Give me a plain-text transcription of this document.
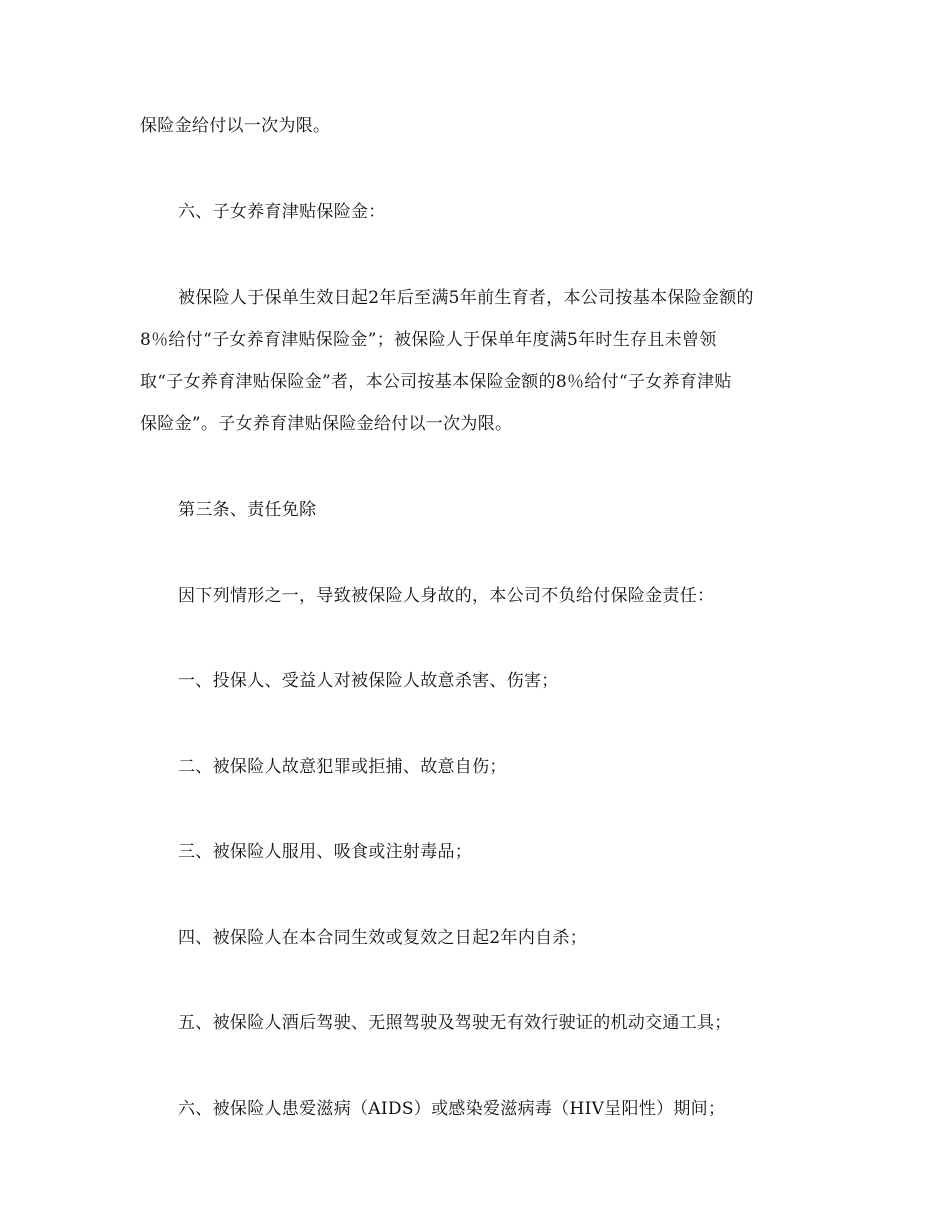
保险金给付以一次为限。
六、子女养育津贴保险金：
被保险人于保单生效日起2年后至满5年前生育者，本公司按基本保险金额的
8％给付“子女养育津贴保险金”；被保险人于保单年度满5年时生存且未曾领
取“子女养育津贴保险金”者，本公司按基本保险金额的8％给付“子女养育津贴
保险金”。子女养育津贴保险金给付以一次为限。
第三条、责任免除
因下列情形之一，导致被保险人身故的，本公司不负给付保险金责任：
一、投保人、受益人对被保险人故意杀害、伤害；
二、被保险人故意犯罪或拒捕、故意自伤；
三、被保险人服用、吸食或注射毒品；
四、被保险人在本合同生效或复效之日起2年内自杀；
五、被保险人酒后驾驶、无照驾驶及驾驶无有效行驶证的机动交通工具；
六、被保险人患爱滋病（AIDS）或感染爱滋病毒（HIV呈阳性）期间；
